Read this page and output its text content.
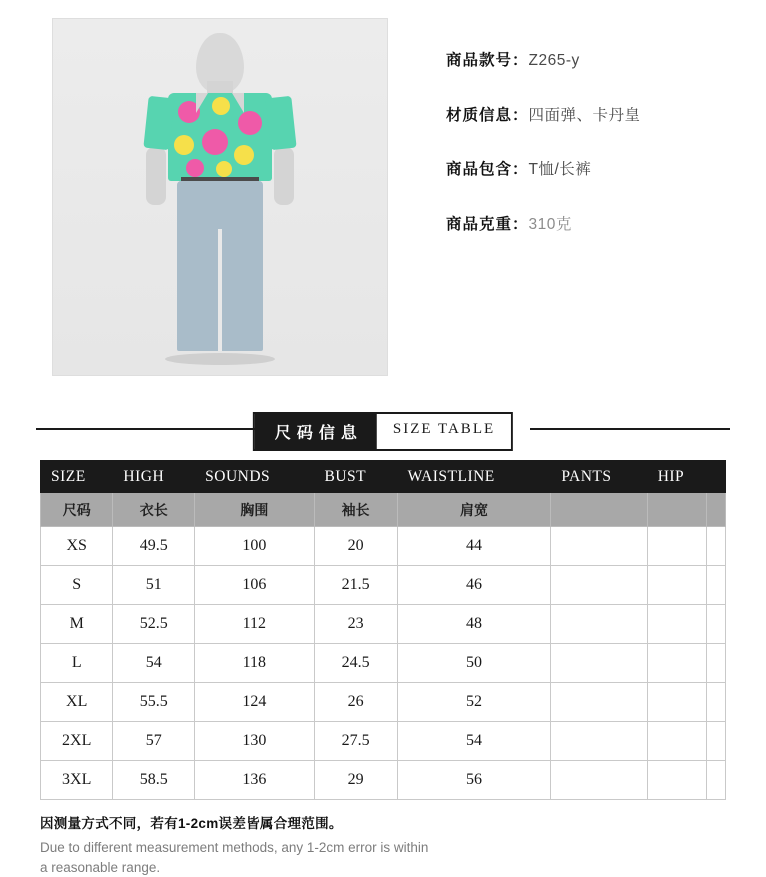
商品款号：Z265-y
材质信息：四面弹、卡丹皇
商品包含：T恤/长裤
商品克重：310克
尺码信息	SIZE TABLE
SIZE	HIGH	SOUNDS	BUST	WAISTLINE	PANTS	HIP	
尺码	衣长	胸围	袖长	肩宽			
XS	49.5	100	20	44			
S	51	106	21.5	46			
M	52.5	112	23	48			
L	54	118	24.5	50			
XL	55.5	124	26	52			
2XL	57	130	27.5	54			
3XL	58.5	136	29	56			
因测量方式不同，若有1-2cm误差皆属合理范围。
Due to different measurement methods, any 1-2cm error is within
a reasonable range.
